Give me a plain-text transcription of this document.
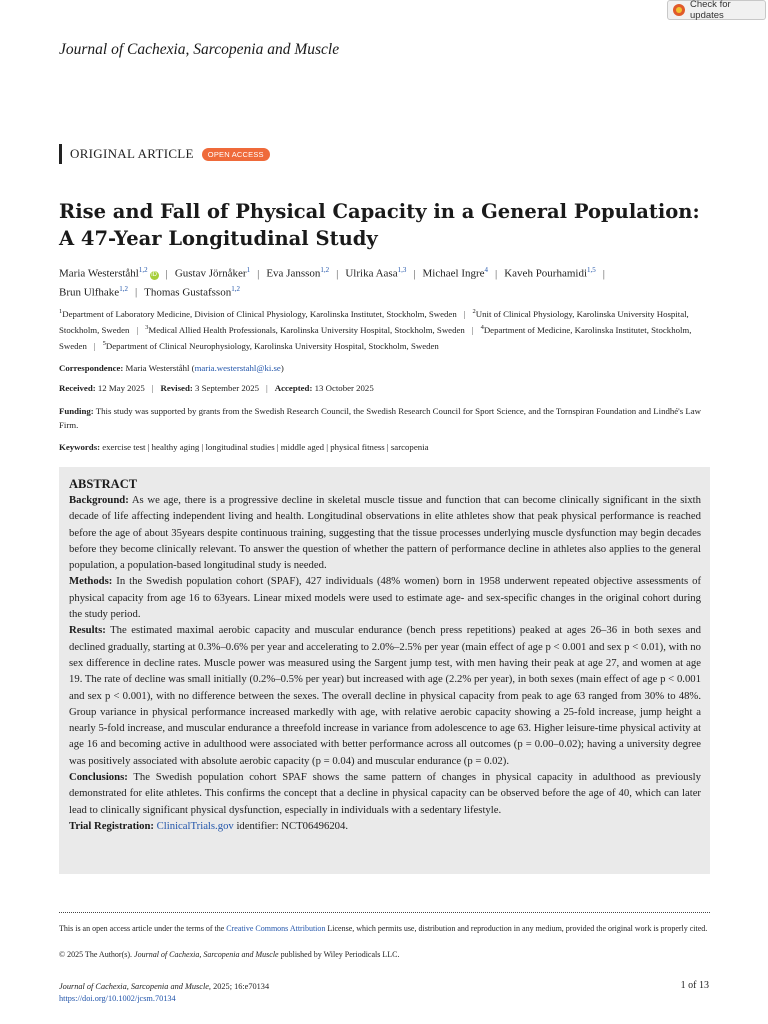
Check for updates

Journal of Cachexia, Sarcopenia and Muscle

ORIGINAL ARTICLE	OPEN ACCESS
Rise and Fall of Physical Capacity in a General Population:
A 47-Year Longitudinal Study
Maria Westerståhl$^{1,2}$iD | Gustav Jörnåker$^1$ | Eva Jansson$^{1,2}$ | Ulrika Aasa$^{1,3}$ | Michael Ingre$^4$ | Kaveh Pourhamidi$^{1,5}$ |
Brun Ulfhake$^{1,2}$ | Thomas Gustafsson$^{1,2}$
$^1$Department of Laboratory Medicine, Division of Clinical Physiology, Karolinska Institutet, Stockholm, Sweden | $^2$Unit of Clinical Physiology, Karolinska University Hospital, Stockholm, Sweden | $^3$Medical Allied Health Professionals, Karolinska University Hospital, Stockholm, Sweden | $^4$Department of Medicine, Karolinska Institutet, Stockholm, Sweden | $^5$Department of Clinical Neurophysiology, Karolinska University Hospital, Stockholm, Sweden
Correspondence: Maria Westerståhl (maria.westerstahl@ki.se)
Received: 12 May 2025 | Revised: 3 September 2025 | Accepted: 13 October 2025
Funding: This study was supported by grants from the Swedish Research Council, the Swedish Research Council for Sport Science, and the Tornspiran Foundation and Lindhé's Law Firm.
Keywords: exercise test | healthy aging | longitudinal studies | middle aged | physical fitness | sarcopenia
ABSTRACT

Background: As we age, there is a progressive decline in skeletal muscle tissue and function that can become clinically significant in the sixth decade of life affecting independent living and health. Longitudinal observations in elite athletes show that peak physical performance is reached before the age of about 35years despite continuous training, suggesting that the tissue processes underlying muscle dysfunction may begin decades before they become clinically relevant. To answer the question of whether the pattern of performance decline in athletes also applies to the general population, a population-based longitudinal study is needed.
Methods: In the Swedish population cohort (SPAF), 427 individuals (48% women) born in 1958 underwent repeated objective assessments of physical capacity from age 16 to 63years. Linear mixed models were used to estimate age- and sex-specific changes in the original cohort during the study period.
Results: The estimated maximal aerobic capacity and muscular endurance (bench press repetitions) peaked at ages 26–36 in both sexes and declined gradually, starting at 0.3%–0.6% per year and accelerating to 2.0%–2.5% per year (main effect of age p < 0.001 and sex p < 0.01), with no sex difference in decline rates. Muscle power was measured using the Sargent jump test, with men having their peak at age 27, and women at age 19. The rate of decline was small initially (0.2%–0.5% per year) but increased with age (2.2% per year), in both sexes (main effect of age p < 0.001 and sex p < 0.001), with no difference between the sexes. The overall decline in physical capacity from peak to age 63 ranged from 30% to 48%. Group variance in physical performance increased markedly with age, with relative aerobic capacity showing a 25-fold increase, jump height a nearly 5-fold increase, and muscular endurance a threefold increase in variance from adolescence to age 63. Higher leisure-time physical activity at age 16 and becoming active in adulthood were associated with better performance across all outcomes (p = 0.00–0.02); having a university degree was positively associated with absolute aerobic capacity (p = 0.04) and muscular endurance (p = 0.02).
Conclusions: The Swedish population cohort SPAF shows the same pattern of changes in physical capacity in adulthood as previously demonstrated for elite athletes. This confirms the concept that a decline in physical capacity can be observed before the age of 40, which can later lead to clinically significant physical dysfunction, especially in individuals with a sedentary lifestyle.
Trial Registration: ClinicalTrials.gov identifier: NCT06496204.

This is an open access article under the terms of the Creative Commons Attribution License, which permits use, distribution and reproduction in any medium, provided the original work is properly cited.
© 2025 The Author(s). Journal of Cachexia, Sarcopenia and Muscle published by Wiley Periodicals LLC.
Journal of Cachexia, Sarcopenia and Muscle, 2025; 16:e70134
https://doi.org/10.1002/jcsm.70134
1 of 13
